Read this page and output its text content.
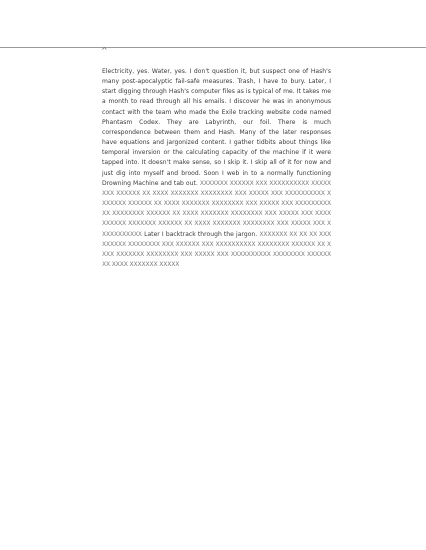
^
Electricity, yes. Water, yes. I don't question it, but suspect one of Hash's many post-apocalyptic fail-safe measures. Trash, I have to bury. Later, I start digging through Hash's computer files as is typical of me. It takes me a month to read through all his emails. I discover he was in anonymous contact with the team who made the Exile tracking website code named Phantasm Codex. They are Labyrinth, our foil. There is much correspondence between them and Hash. Many of the later responses have equations and jargonized content. I gather tidbits about things like temporal inversion or the calculating capacity of the machine if it were tapped into. It doesn't make sense, so I skip it. I skip all of it for now and just dig into myself and brood. Soon I web in to a normally functioning Drowning Machine and tab out. XXXXXXX XXXXXX XXX XXXXXXXXXX XXXXXXXX XXXXXX XX XXXX XXXXXXX XXXXXXXX XXX XXXXX XXX XXXXXXXXXX XXXXXXX XXXXXX XX XXXX XXXXXXX XXXXXXXX XXX XXXXX XXX XXXXXXXXXXX XXXXXXXX XXXXXX XX XXXX XXXXXXX XXXXXXXX XXX XXXXX XXX XXXXXXXXXX XXXXXXX XXXXXX XX XXXX XXXXXXX XXXXXXXX XXX XXXXX XXX XXXXXXXXXXX Later I backtrack through the jargon. XXXXXXX XX XX XX XXXXXXXXX XXXXXXXX XXX XXXXXX XXX XXXXXXXXXX XXXXXXXX XXXXXX XX XXXX XXXXXXX XXXXXXXX XXX XXXXX XXX XXXXXXXXXX XXXXXXXX XXXXXX XX XXXX XXXXXXX XXXXX
